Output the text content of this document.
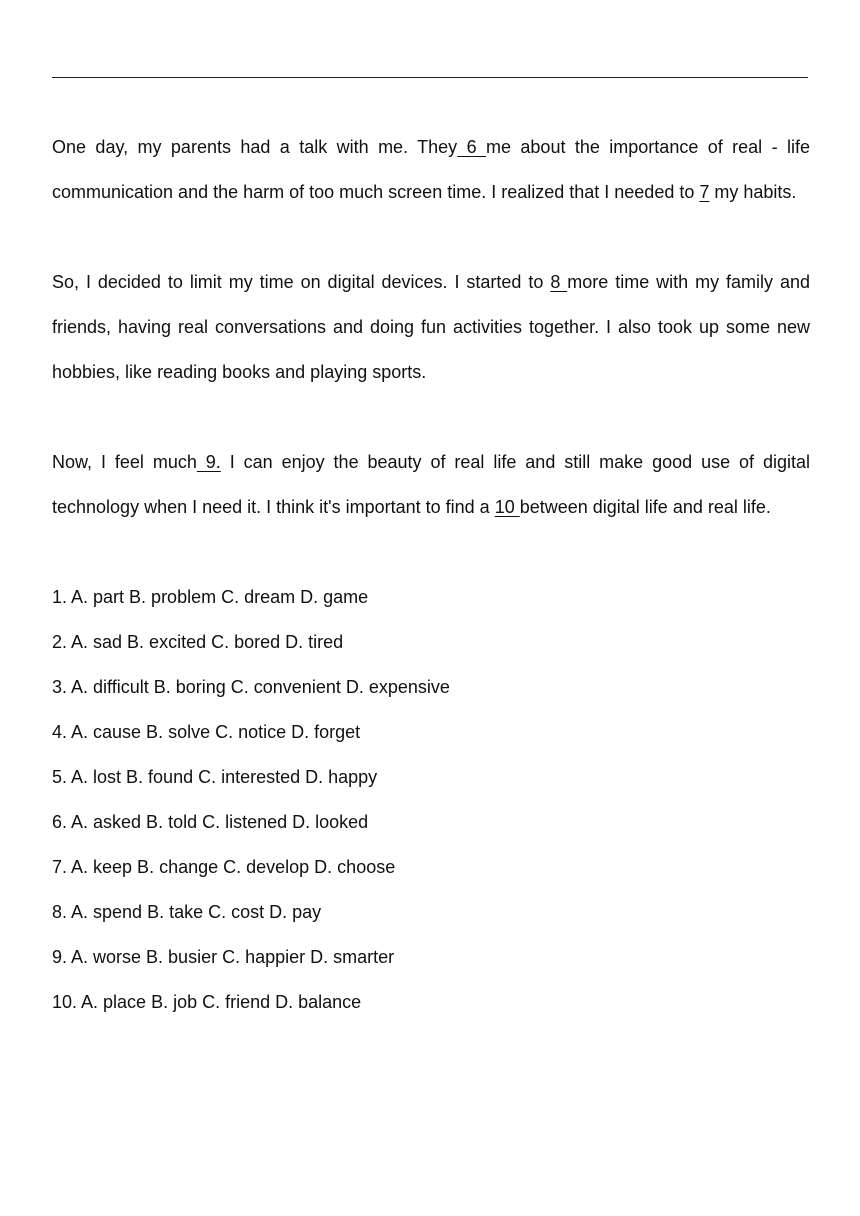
One day, my parents had a talk with me. They 6 me about the importance of real - life communication and the harm of too much screen time. I realized that I needed to 7 my habits.

So, I decided to limit my time on digital devices. I started to 8 more time with my family and friends, having real conversations and doing fun activities together. I also took up some new hobbies, like reading books and playing sports.

Now, I feel much 9. I can enjoy the beauty of real life and still make good use of digital technology when I need it. I think it's important to find a 10 between digital life and real life.

1. A. part B. problem C. dream D. game
2. A. sad B. excited C. bored D. tired
3. A. difficult B. boring C. convenient D. expensive
4. A. cause B. solve C. notice D. forget
5. A. lost B. found C. interested D. happy
6. A. asked B. told C. listened D. looked
7. A. keep B. change C. develop D. choose
8. A. spend B. take C. cost D. pay
9. A. worse B. busier C. happier D. smarter
10. A. place B. job C. friend D. balance
